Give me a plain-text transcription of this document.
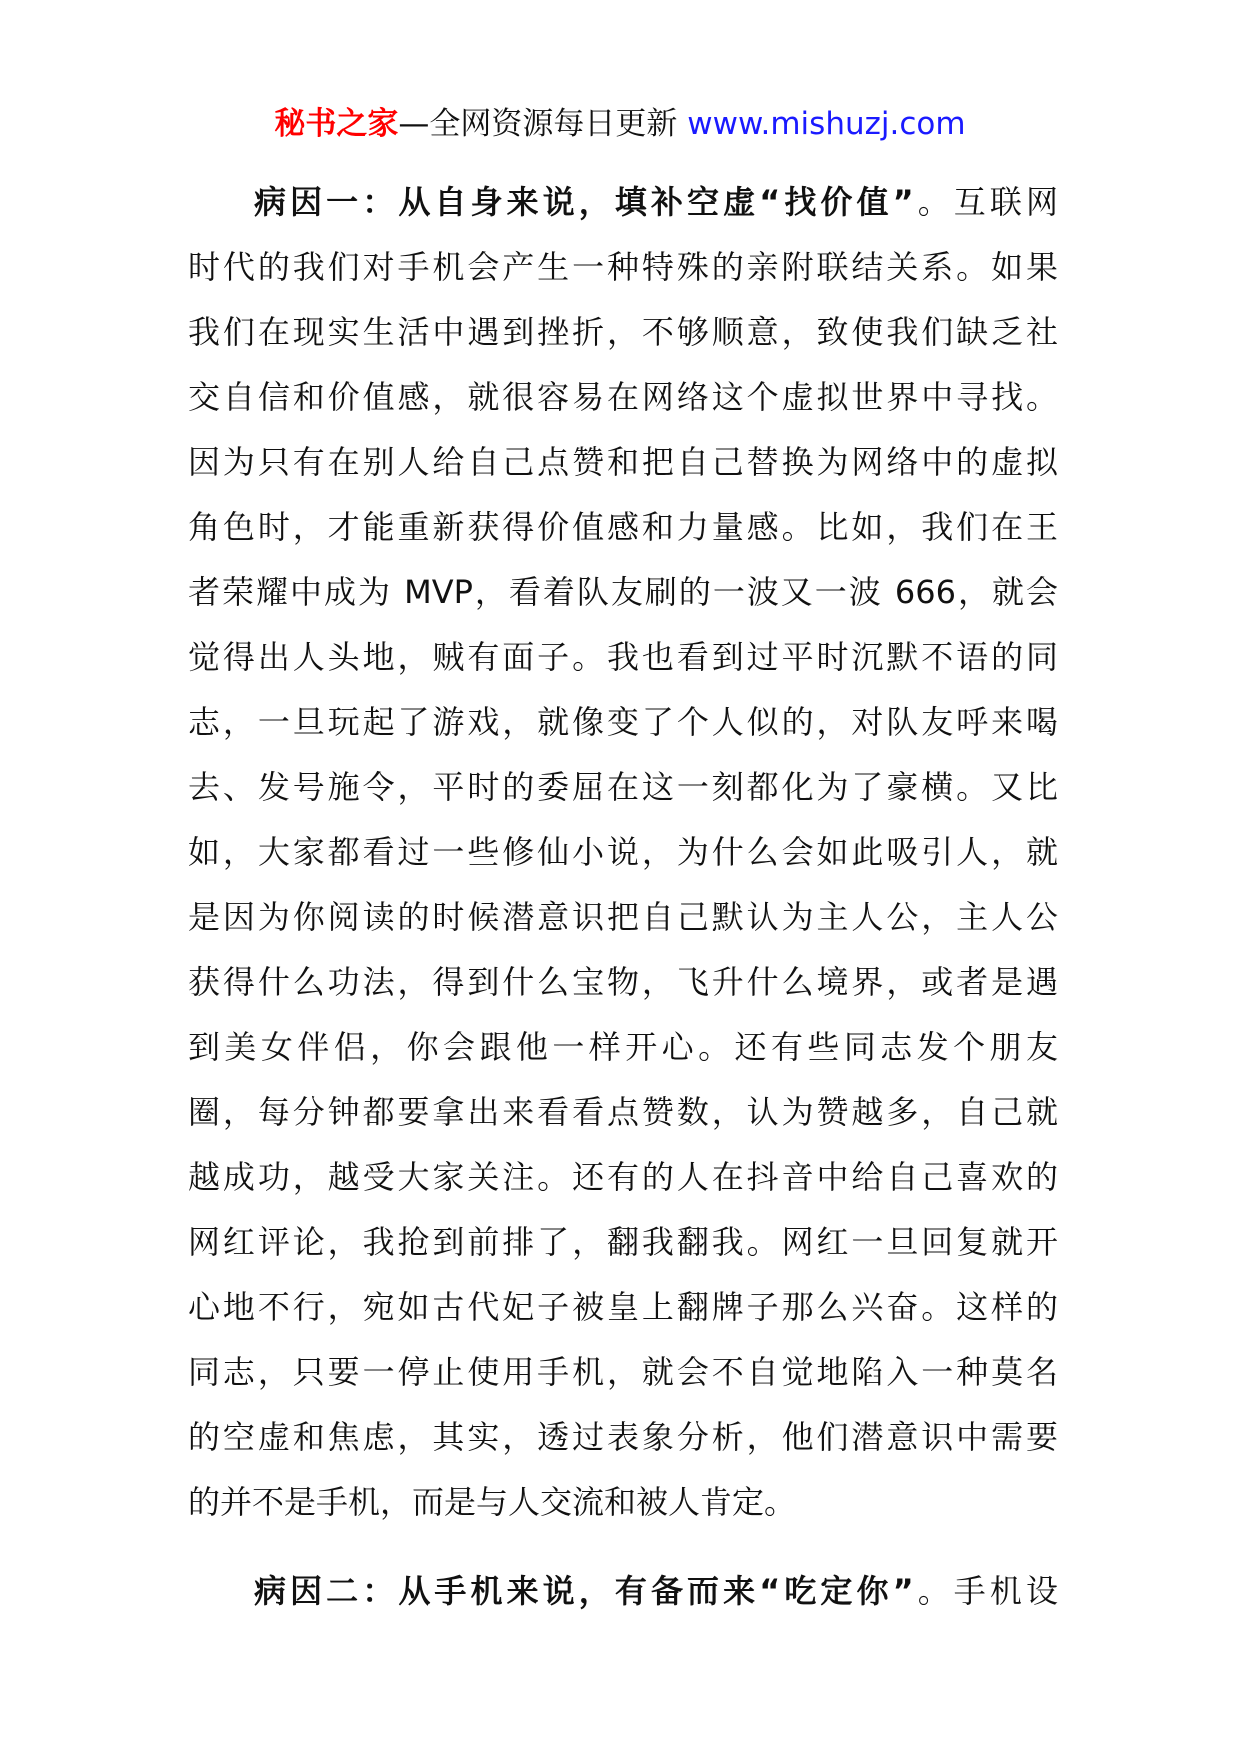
秘书之家—全网资源每日更新 www.mishuzj.com
病因一：从自身来说，填补空虚“找价值”。互联网
时代的我们对手机会产生一种特殊的亲附联结关系。如果
我们在现实生活中遇到挫折，不够顺意，致使我们缺乏社
交自信和价值感，就很容易在网络这个虚拟世界中寻找。
因为只有在别人给自己点赞和把自己替换为网络中的虚拟
角色时，才能重新获得价值感和力量感。比如，我们在王
者荣耀中成为 MVP，看着队友刷的一波又一波 666，就会
觉得出人头地，贼有面子。我也看到过平时沉默不语的同
志，一旦玩起了游戏，就像变了个人似的，对队友呼来喝
去、发号施令，平时的委屈在这一刻都化为了豪横。又比
如，大家都看过一些修仙小说，为什么会如此吸引人，就
是因为你阅读的时候潜意识把自己默认为主人公，主人公
获得什么功法，得到什么宝物，飞升什么境界，或者是遇
到美女伴侣，你会跟他一样开心。还有些同志发个朋友
圈，每分钟都要拿出来看看点赞数，认为赞越多，自己就
越成功，越受大家关注。还有的人在抖音中给自己喜欢的
网红评论，我抢到前排了，翻我翻我。网红一旦回复就开
心地不行，宛如古代妃子被皇上翻牌子那么兴奋。这样的
同志，只要一停止使用手机，就会不自觉地陷入一种莫名
的空虚和焦虑，其实，透过表象分析，他们潜意识中需要
的并不是手机，而是与人交流和被人肯定。
病因二：从手机来说，有备而来“吃定你”。手机设
